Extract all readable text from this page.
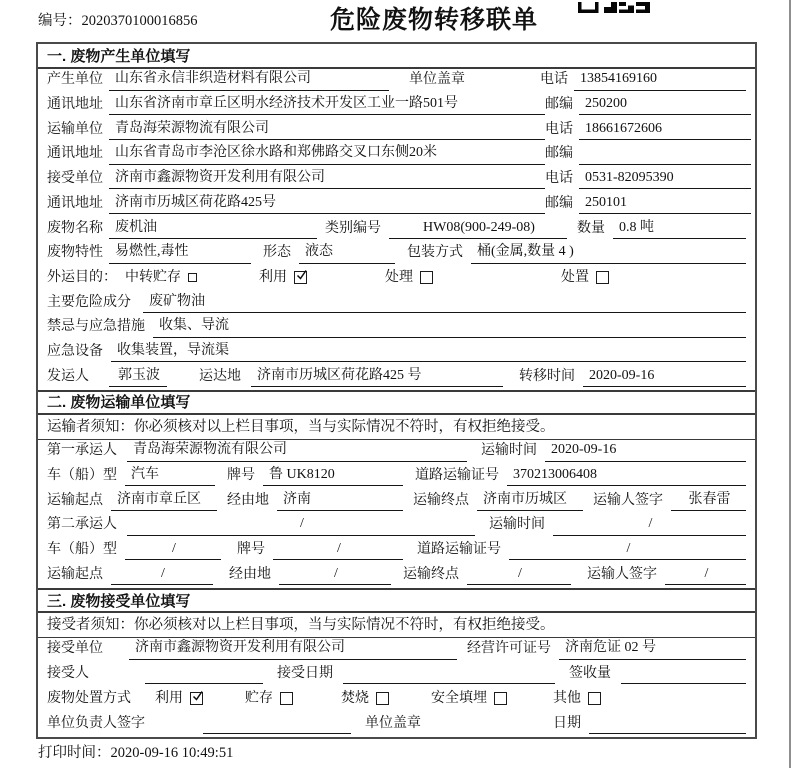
编号：2020370100016856	危险废物转移联单
一. 废物产生单位填写
产生单位 山东省永信非织造材料有限公司	单位盖章	电话 13854169160
通讯地址 山东省济南市章丘区明水经济技术开发区工业一路501号	邮编 250200
运输单位 青岛海荣源物流有限公司	电话 18661672606
通讯地址 山东省青岛市李沧区徐水路和郑佛路交叉口东侧20米	邮编
接受单位 济南市鑫源物资开发利用有限公司	电话 0531-82095390
通讯地址 济南市历城区荷花路425号	邮编 250101
废物名称 废机油	类别编号	HW08(900-249-08)	数量	0.8 吨
废物特性 易燃性,毒性	形态	液态	包装方式	桶(金属,数量 4 )
外运目的： 中转贮存	利用	处理	处置
主要危险成分	废矿物油
禁忌与应急措施	收集、导流
应急设备	收集装置，导流渠
发运人	郭玉波	运达地	济南市历城区荷花路425 号	转移时间	2020-09-16
二. 废物运输单位填写
运输者须知：你必须核对以上栏目事项，当与实际情况不符时，有权拒绝接受。
第一承运人	青岛海荣源物流有限公司	运输时间	2020-09-16
车（船）型	汽车	牌号	鲁 UK8120	道路运输证号	370213006408
运输起点	济南市章丘区	经由地	济南	运输终点	济南市历城区	运输人签字	张春雷
第二承运人	/	运输时间	/
车（船）型	/	牌号	/	道路运输证号	/
运输起点	/	经由地	/	运输终点	/	运输人签字	/
三. 废物接受单位填写
接受者须知：你必须核对以上栏目事项，当与实际情况不符时，有权拒绝接受。
接受单位	济南市鑫源物资开发利用有限公司	经营许可证号	济南危证 02 号
接受人	接受日期	签收量
废物处置方式 利用	贮存	焚烧	安全填埋	其他
单位负责人签字	单位盖章	日期
打印时间：2020-09-16 10:49:51
